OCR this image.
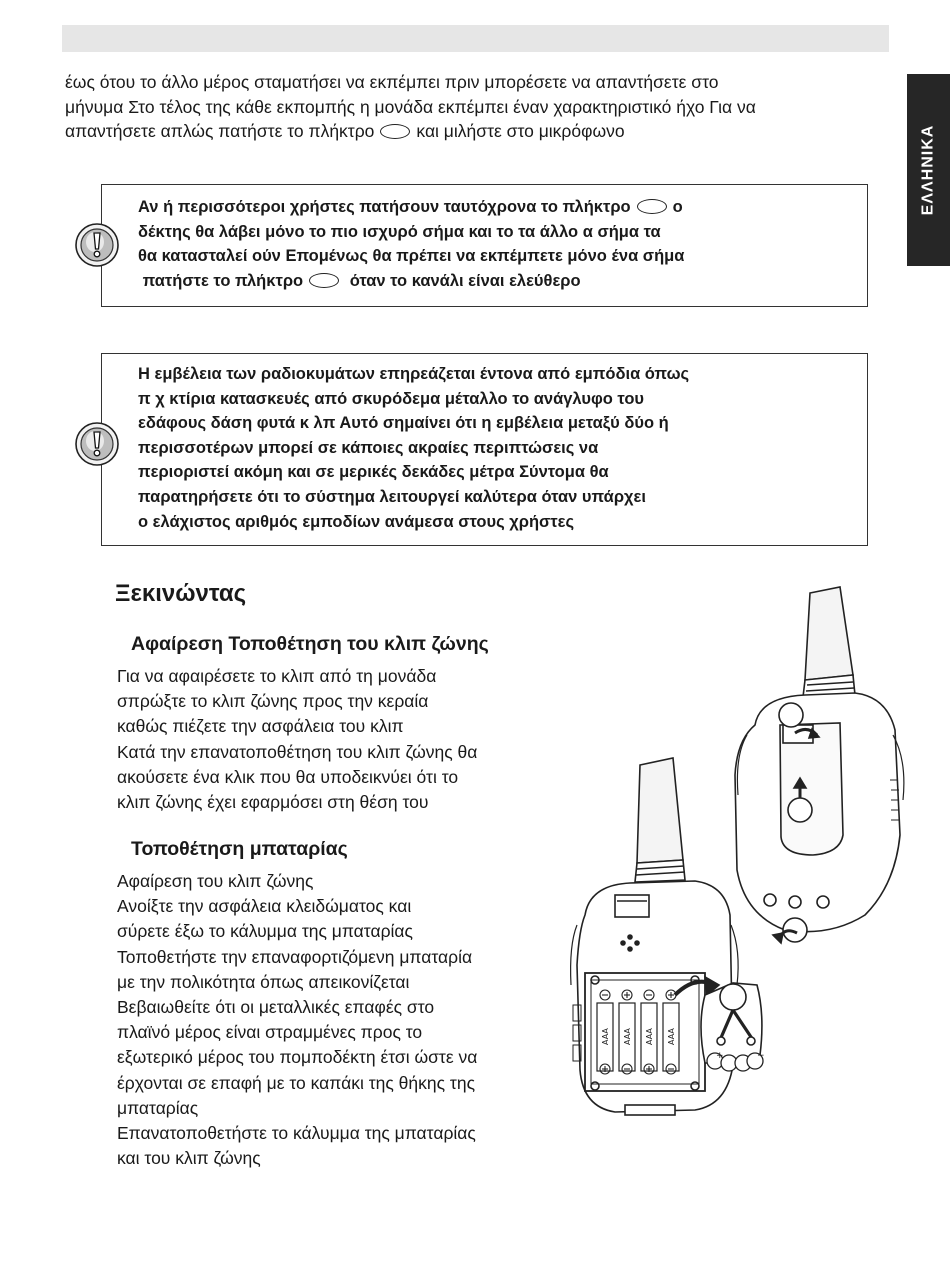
ΕΛΛΗΝΙΚΑ

έως ότου το άλλο μέρος σταματήσει να εκπέμπει πριν μπορέσετε να απαντήσετε στο

μήνυμα Στο τέλος της κάθε εκπομπής η μονάδα εκπέμπει έναν χαρακτηριστικό ήχο Για να

απαντήσετε απλώς πατήστε το πλήκτρο και μιλήστε στο μικρόφωνο

Αν ή περισσότεροι χρήστες πατήσουν ταυτόχρονα το πλήκτρο	ο

δέκτης θα λάβει μόνο το πιο ισχυρό σήμα και το τα άλλο α σήμα τα

θα κατασταλεί ούν Επομένως θα πρέπει να εκπέμπετε μόνο ένα σήμα

πατήστε το πλήκτρο	όταν το κανάλι είναι ελεύθερο

Η εμβέλεια των ραδιοκυμάτων επηρεάζεται έντονα από εμπόδια όπως

π χ κτίρια κατασκευές από σκυρόδεμα μέταλλο το ανάγλυφο του

εδάφους δάση φυτά κ λπ Αυτό σημαίνει ότι η εμβέλεια μεταξύ δύο ή

περισσοτέρων μπορεί σε κάποιες ακραίες περιπτώσεις να

περιοριστεί ακόμη και σε μερικές δεκάδες μέτρα Σύντομα θα

παρατηρήσετε ότι το σύστημα λειτουργεί καλύτερα όταν υπάρχει

ο ελάχιστος αριθμός εμποδίων ανάμεσα στους χρήστες

Ξεκινώντας
Αφαίρεση Τοποθέτηση του κλιπ ζώνης

Για να αφαιρέσετε το κλιπ από τη μονάδα

σπρώξτε το κλιπ ζώνης προς την κεραία

καθώς πιέζετε την ασφάλεια του κλιπ

Κατά την επανατοποθέτηση του κλιπ ζώνης θα

ακούσετε ένα κλικ που θα υποδεικνύει ότι το

κλιπ ζώνης έχει εφαρμόσει στη θέση του

Τοποθέτηση μπαταρίας

Αφαίρεση του κλιπ ζώνης

Ανοίξτε την ασφάλεια κλειδώματος και

σύρετε έξω το κάλυμμα της μπαταρίας

Τοποθετήστε την επαναφορτιζόμενη μπαταρία

με την πολικότητα όπως απεικονίζεται

Βεβαιωθείτε ότι οι μεταλλικές επαφές στο

πλαϊνό μέρος είναι στραμμένες προς το

εξωτερικό μέρος του πομποδέκτη έτσι ώστε να

έρχονται σε επαφή με το καπάκι της θήκης της

μπαταρίας

Επανατοποθετήστε το κάλυμμα της μπαταρίας

και του κλιπ ζώνης

AAA AAA AAA AAA
+	−
